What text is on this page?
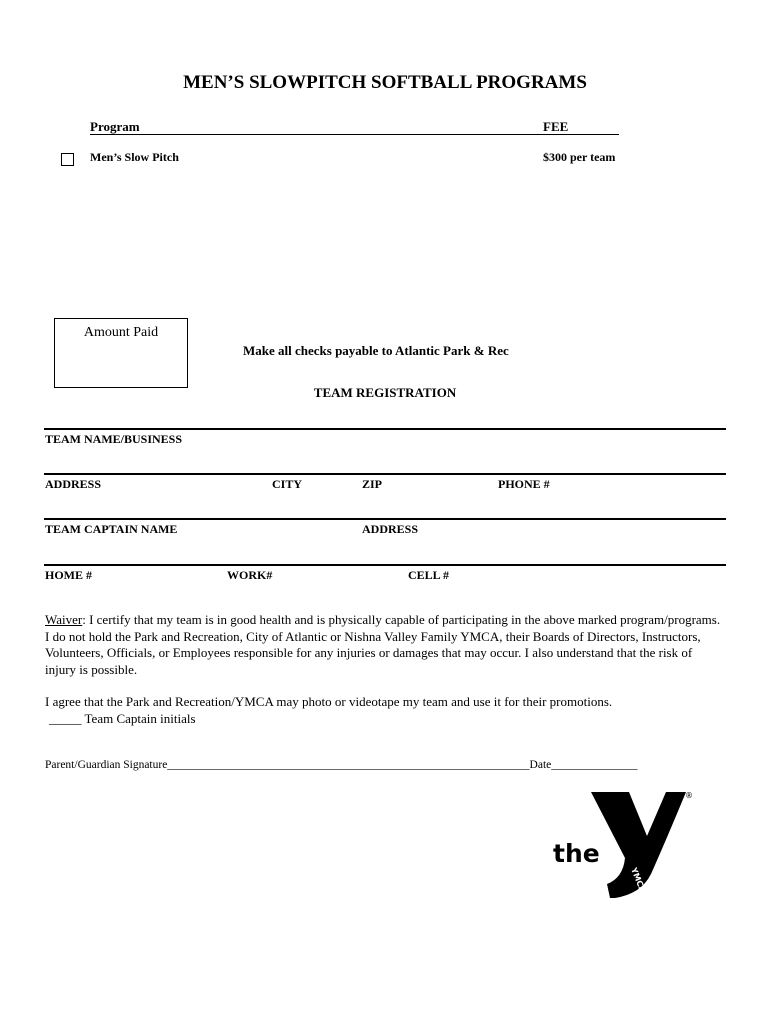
MEN’S SLOWPITCH SOFTBALL PROGRAMS
Program	FEE
Men’s Slow Pitch	$300 per team
Amount Paid
Make all checks payable to Atlantic Park & Rec
TEAM REGISTRATION
TEAM NAME/BUSINESS
ADDRESS	CITY	ZIP	PHONE #
TEAM CAPTAIN NAME	ADDRESS
HOME #	WORK#	CELL #
Waiver: I certify that my team is in good health and is physically capable of participating in the above marked program/programs. I do not hold the Park and Recreation, City of Atlantic or Nishna Valley Family YMCA, their Boards of Directors, Instructors, Volunteers, Officials, or Employees responsible for any injuries or damages that may occur. I also understand that the risk of injury is possible.
I agree that the Park and Recreation/YMCA may photo or videotape my team and use it for their promotions.
_____ Team Captain initials
Parent/Guardian Signature_______________________________________________________________Date_______________
the
YMCA
®
